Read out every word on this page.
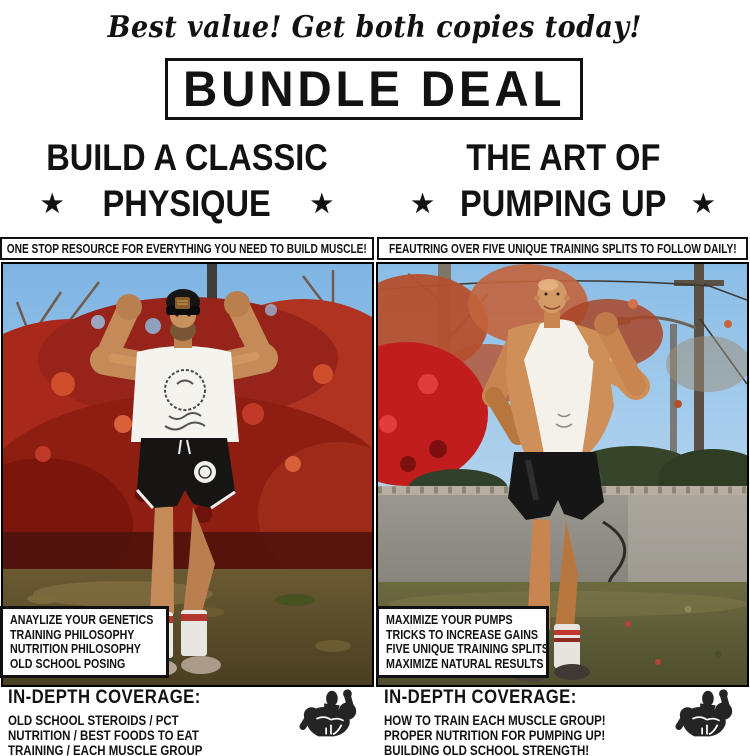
Best value! Get both copies today!
BUNDLE DEAL
BUILD A CLASSIC
★ PHYSIQUE ★
THE ART OF
★ PUMPING UP ★
ONE STOP RESOURCE FOR EVERYTHING YOU NEED TO BUILD MUSCLE! FEAUTRING OVER FIVE UNIQUE TRAINING SPLITS TO FOLLOW DAILY!
ANAYLIZE YOUR GENETICS
TRAINING PHILOSOPHY
NUTRITION PHILOSOPHY
OLD SCHOOL POSING
MAXIMIZE YOUR PUMPS
TRICKS TO INCREASE GAINS
FIVE UNIQUE TRAINING SPLITS
MAXIMIZE NATURAL RESULTS
IN-DEPTH COVERAGE:
OLD SCHOOL STEROIDS / PCT
NUTRITION / BEST FOODS TO EAT
TRAINING / EACH MUSCLE GROUP
IN-DEPTH COVERAGE:
HOW TO TRAIN EACH MUSCLE GROUP!
PROPER NUTRITION FOR PUMPING UP!
BUILDING OLD SCHOOL STRENGTH!
